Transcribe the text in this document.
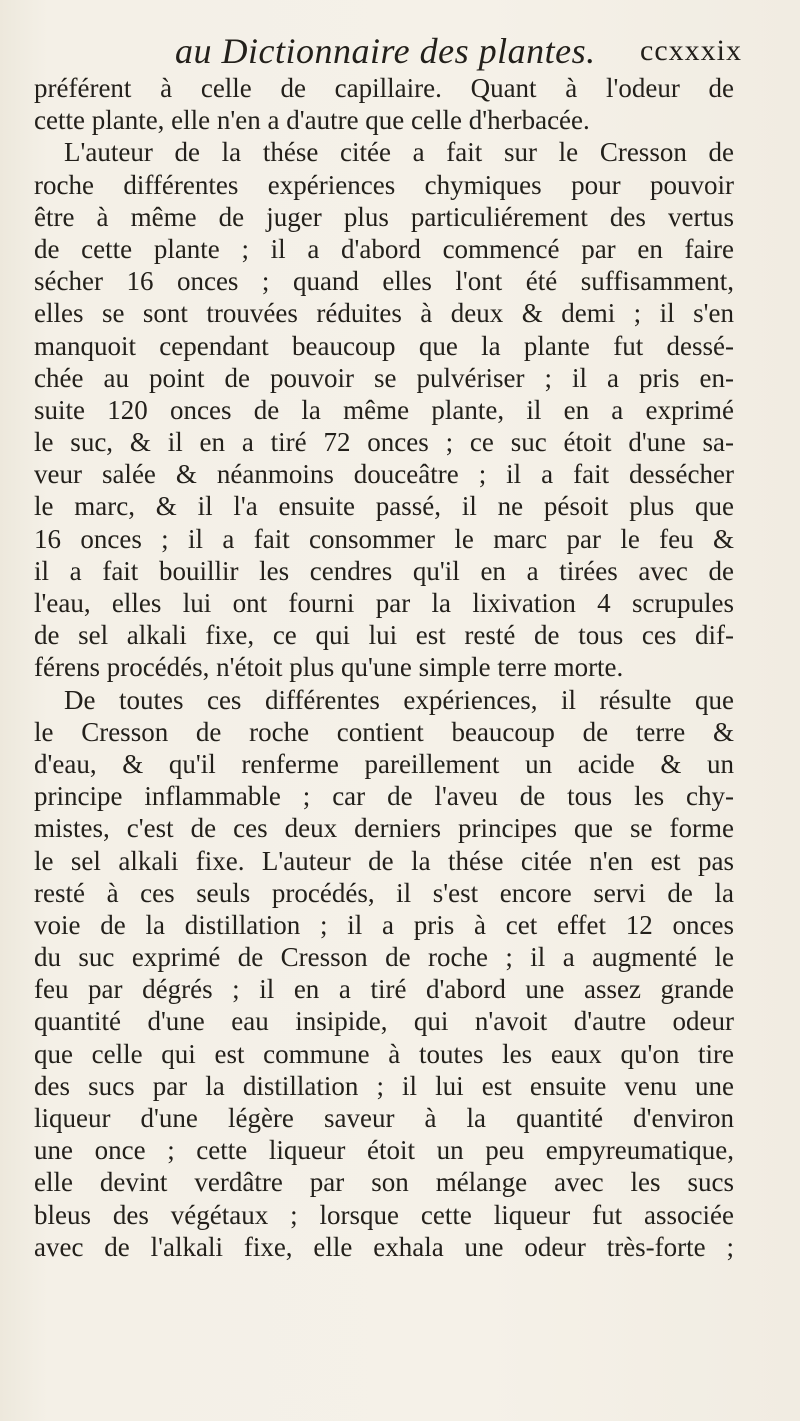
au Dictionnaire des plantes. ccxxxix
préférent à celle de capillaire. Quant à l'odeur de
cette plante, elle n'en a d'autre que celle d'herbacée.
L'auteur de la thése citée a fait sur le Cresson de
roche différentes expériences chymiques pour pouvoir
être à même de juger plus particuliérement des vertus
de cette plante ; il a d'abord commencé par en faire
sécher 16 onces ; quand elles l'ont été suffisamment,
elles se sont trouvées réduites à deux & demi ; il s'en
manquoit cependant beaucoup que la plante fut dessé-
chée au point de pouvoir se pulvériser ; il a pris en-
suite 120 onces de la même plante, il en a exprimé
le suc, & il en a tiré 72 onces ; ce suc étoit d'une sa-
veur salée & néanmoins douceâtre ; il a fait dessécher
le marc, & il l'a ensuite passé, il ne pésoit plus que
16 onces ; il a fait consommer le marc par le feu &
il a fait bouillir les cendres qu'il en a tirées avec de
l'eau, elles lui ont fourni par la lixivation 4 scrupules
de sel alkali fixe, ce qui lui est resté de tous ces dif-
férens procédés, n'étoit plus qu'une simple terre morte.
De toutes ces différentes expériences, il résulte que
le Cresson de roche contient beaucoup de terre &
d'eau, & qu'il renferme pareillement un acide & un
principe inflammable ; car de l'aveu de tous les chy-
mistes, c'est de ces deux derniers principes que se forme
le sel alkali fixe. L'auteur de la thése citée n'en est pas
resté à ces seuls procédés, il s'est encore servi de la
voie de la distillation ; il a pris à cet effet 12 onces
du suc exprimé de Cresson de roche ; il a augmenté le
feu par dégrés ; il en a tiré d'abord une assez grande
quantité d'une eau insipide, qui n'avoit d'autre odeur
que celle qui est commune à toutes les eaux qu'on tire
des sucs par la distillation ; il lui est ensuite venu une
liqueur d'une légère saveur à la quantité d'environ
une once ; cette liqueur étoit un peu empyreumatique,
elle devint verdâtre par son mélange avec les sucs
bleus des végétaux ; lorsque cette liqueur fut associée
avec de l'alkali fixe, elle exhala une odeur très-forte ;
